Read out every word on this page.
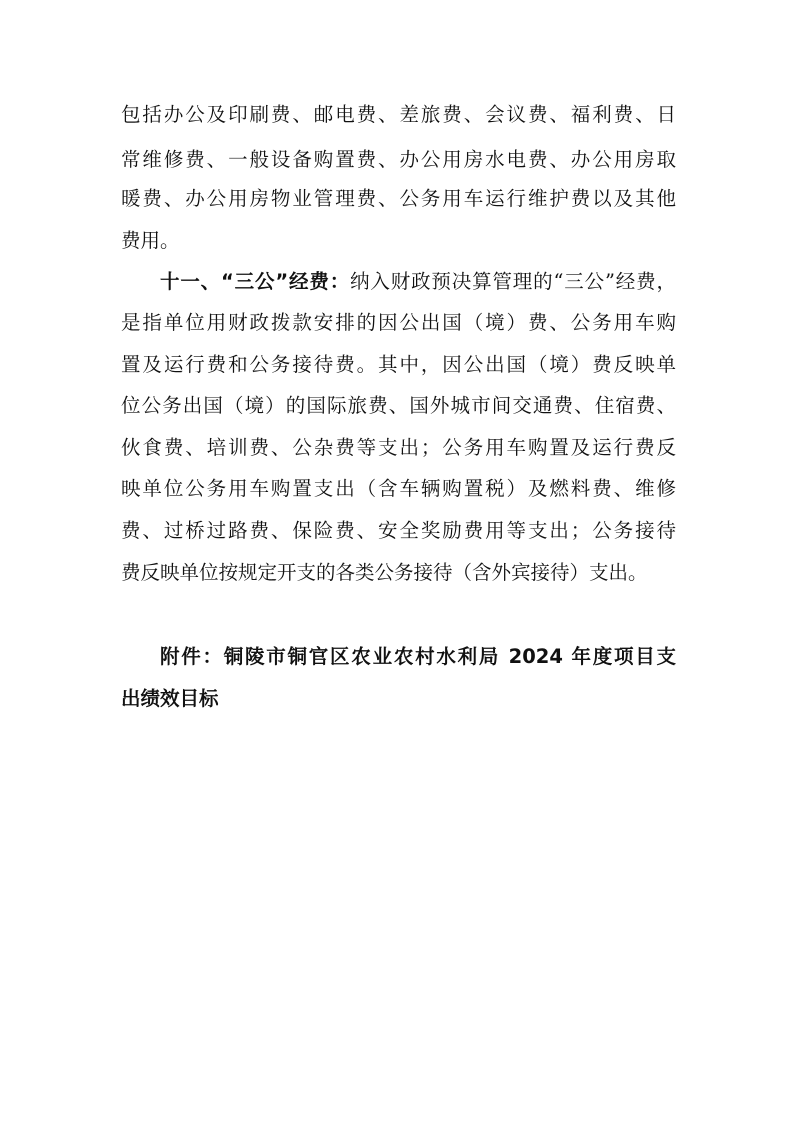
包括办公及印刷费、邮电费、差旅费、会议费、福利费、日
常维修费、一般设备购置费、办公用房水电费、办公用房取
暖费、办公用房物业管理费、公务用车运行维护费以及其他
费用。
十一、“三公”经费：纳入财政预决算管理的“三公”经费，
是指单位用财政拨款安排的因公出国（境）费、公务用车购
置及运行费和公务接待费。其中，因公出国（境）费反映单
位公务出国（境）的国际旅费、国外城市间交通费、住宿费、
伙食费、培训费、公杂费等支出；公务用车购置及运行费反
映单位公务用车购置支出（含车辆购置税）及燃料费、维修
费、过桥过路费、保险费、安全奖励费用等支出；公务接待
费反映单位按规定开支的各类公务接待（含外宾接待）支出。
附件：铜陵市铜官区农业农村水利局 2024 年度项目支
出绩效目标
